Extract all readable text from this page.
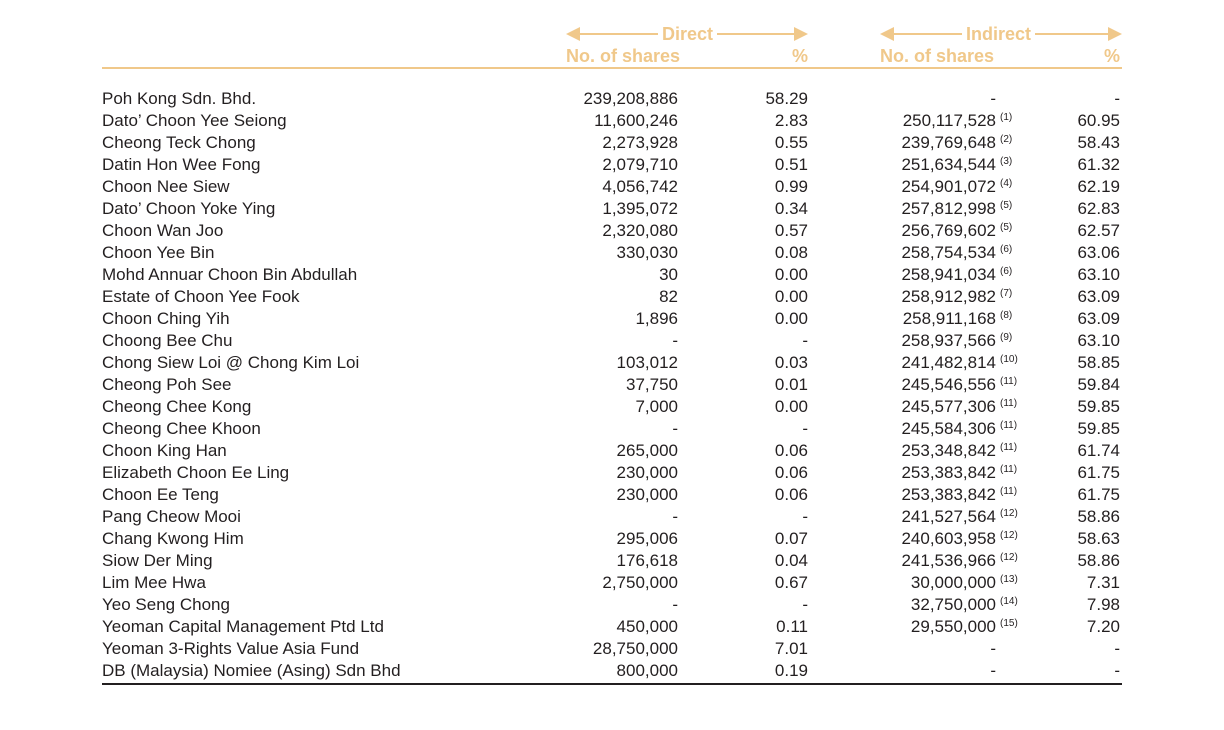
Direct	Indirect
No. of shares	%	No. of shares	%
Poh Kong Sdn. Bhd.	239,208,886	58.29	-	-
Dato’ Choon Yee Seiong	11,600,246	2.83	250,117,528 (1)	60.95
Cheong Teck Chong	2,273,928	0.55	239,769,648 (2)	58.43
Datin Hon Wee Fong	2,079,710	0.51	251,634,544 (3)	61.32
Choon Nee Siew	4,056,742	0.99	254,901,072 (4)	62.19
Dato’ Choon Yoke Ying	1,395,072	0.34	257,812,998 (5)	62.83
Choon Wan Joo	2,320,080	0.57	256,769,602 (5)	62.57
Choon Yee Bin	330,030	0.08	258,754,534 (6)	63.06
Mohd Annuar Choon Bin Abdullah	30	0.00	258,941,034 (6)	63.10
Estate of Choon Yee Fook	82	0.00	258,912,982 (7)	63.09
Choon Ching Yih	1,896	0.00	258,911,168 (8)	63.09
Choong Bee Chu	-	-	258,937,566 (9)	63.10
Chong Siew Loi @ Chong Kim Loi	103,012	0.03	241,482,814 (10)	58.85
Cheong Poh See	37,750	0.01	245,546,556 (11)	59.84
Cheong Chee Kong	7,000	0.00	245,577,306 (11)	59.85
Cheong Chee Khoon	-	-	245,584,306 (11)	59.85
Choon King Han	265,000	0.06	253,348,842 (11)	61.74
Elizabeth Choon Ee Ling	230,000	0.06	253,383,842 (11)	61.75
Choon Ee Teng	230,000	0.06	253,383,842 (11)	61.75
Pang Cheow Mooi	-	-	241,527,564 (12)	58.86
Chang Kwong Him	295,006	0.07	240,603,958 (12)	58.63
Siow Der Ming	176,618	0.04	241,536,966 (12)	58.86
Lim Mee Hwa	2,750,000	0.67	30,000,000 (13)	7.31
Yeo Seng Chong	-	-	32,750,000 (14)	7.98
Yeoman Capital Management Ptd Ltd	450,000	0.11	29,550,000 (15)	7.20
Yeoman 3-Rights Value Asia Fund	28,750,000	7.01	-	-
DB (Malaysia) Nomiee (Asing) Sdn Bhd	800,000	0.19	-	-
